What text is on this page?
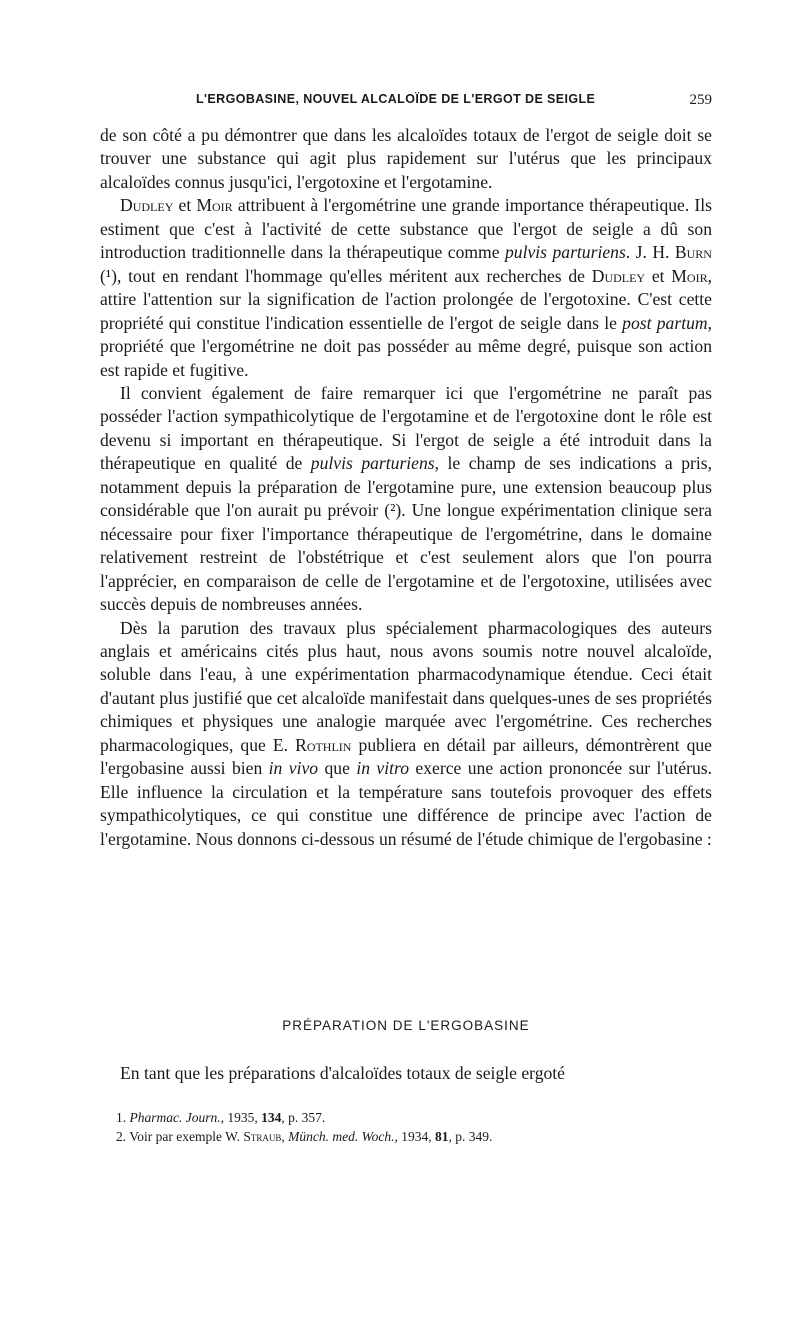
L'ERGOBASINE, NOUVEL ALCALOÏDE DE L'ERGOT DE SEIGLE	259

de son côté a pu démontrer que dans les alcaloïdes totaux de l'ergot de seigle doit se trouver une substance qui agit plus rapidement sur l'utérus que les principaux alcaloïdes connus jusqu'ici, l'ergotoxine et l'ergotamine.

Dudley et Moir attribuent à l'ergométrine une grande importance thérapeutique. Ils estiment que c'est à l'activité de cette substance que l'ergot de seigle a dû son introduction traditionnelle dans la thérapeutique comme pulvis parturiens. J. H. Burn (¹), tout en rendant l'hommage qu'elles méritent aux recherches de Dudley et Moir, attire l'attention sur la signification de l'action prolongée de l'ergotoxine. C'est cette propriété qui constitue l'indication essentielle de l'ergot de seigle dans le post partum, propriété que l'ergométrine ne doit pas posséder au même degré, puisque son action est rapide et fugitive.

Il convient également de faire remarquer ici que l'ergométrine ne paraît pas posséder l'action sympathicolytique de l'ergotamine et de l'ergotoxine dont le rôle est devenu si important en thérapeutique. Si l'ergot de seigle a été introduit dans la thérapeutique en qualité de pulvis parturiens, le champ de ses indications a pris, notamment depuis la préparation de l'ergotamine pure, une extension beaucoup plus considérable que l'on aurait pu prévoir (²). Une longue expérimentation clinique sera nécessaire pour fixer l'importance thérapeutique de l'ergométrine, dans le domaine relativement restreint de l'obstétrique et c'est seulement alors que l'on pourra l'apprécier, en comparaison de celle de l'ergotamine et de l'ergotoxine, utilisées avec succès depuis de nombreuses années.

Dès la parution des travaux plus spécialement pharmacologiques des auteurs anglais et américains cités plus haut, nous avons soumis notre nouvel alcaloïde, soluble dans l'eau, à une expérimentation pharmacodynamique étendue. Ceci était d'autant plus justifié que cet alcaloïde manifestait dans quelques-unes de ses propriétés chimiques et physiques une analogie marquée avec l'ergométrine. Ces recherches pharmacologiques, que E. Rothlin publiera en détail par ailleurs, démontrèrent que l'ergobasine aussi bien in vivo que in vitro exerce une action prononcée sur l'utérus. Elle influence la circulation et la température sans toutefois provoquer des effets sympathicolytiques, ce qui constitue une différence de principe avec l'action de l'ergotamine. Nous donnons ci-dessous un résumé de l'étude chimique de l'ergobasine :

PRÉPARATION DE L'ERGOBASINE
En tant que les préparations d'alcaloïdes totaux de seigle ergoté
1. Pharmac. Journ., 1935, 134, p. 357.
2. Voir par exemple W. Straub, Münch. med. Woch., 1934, 81, p. 349.
